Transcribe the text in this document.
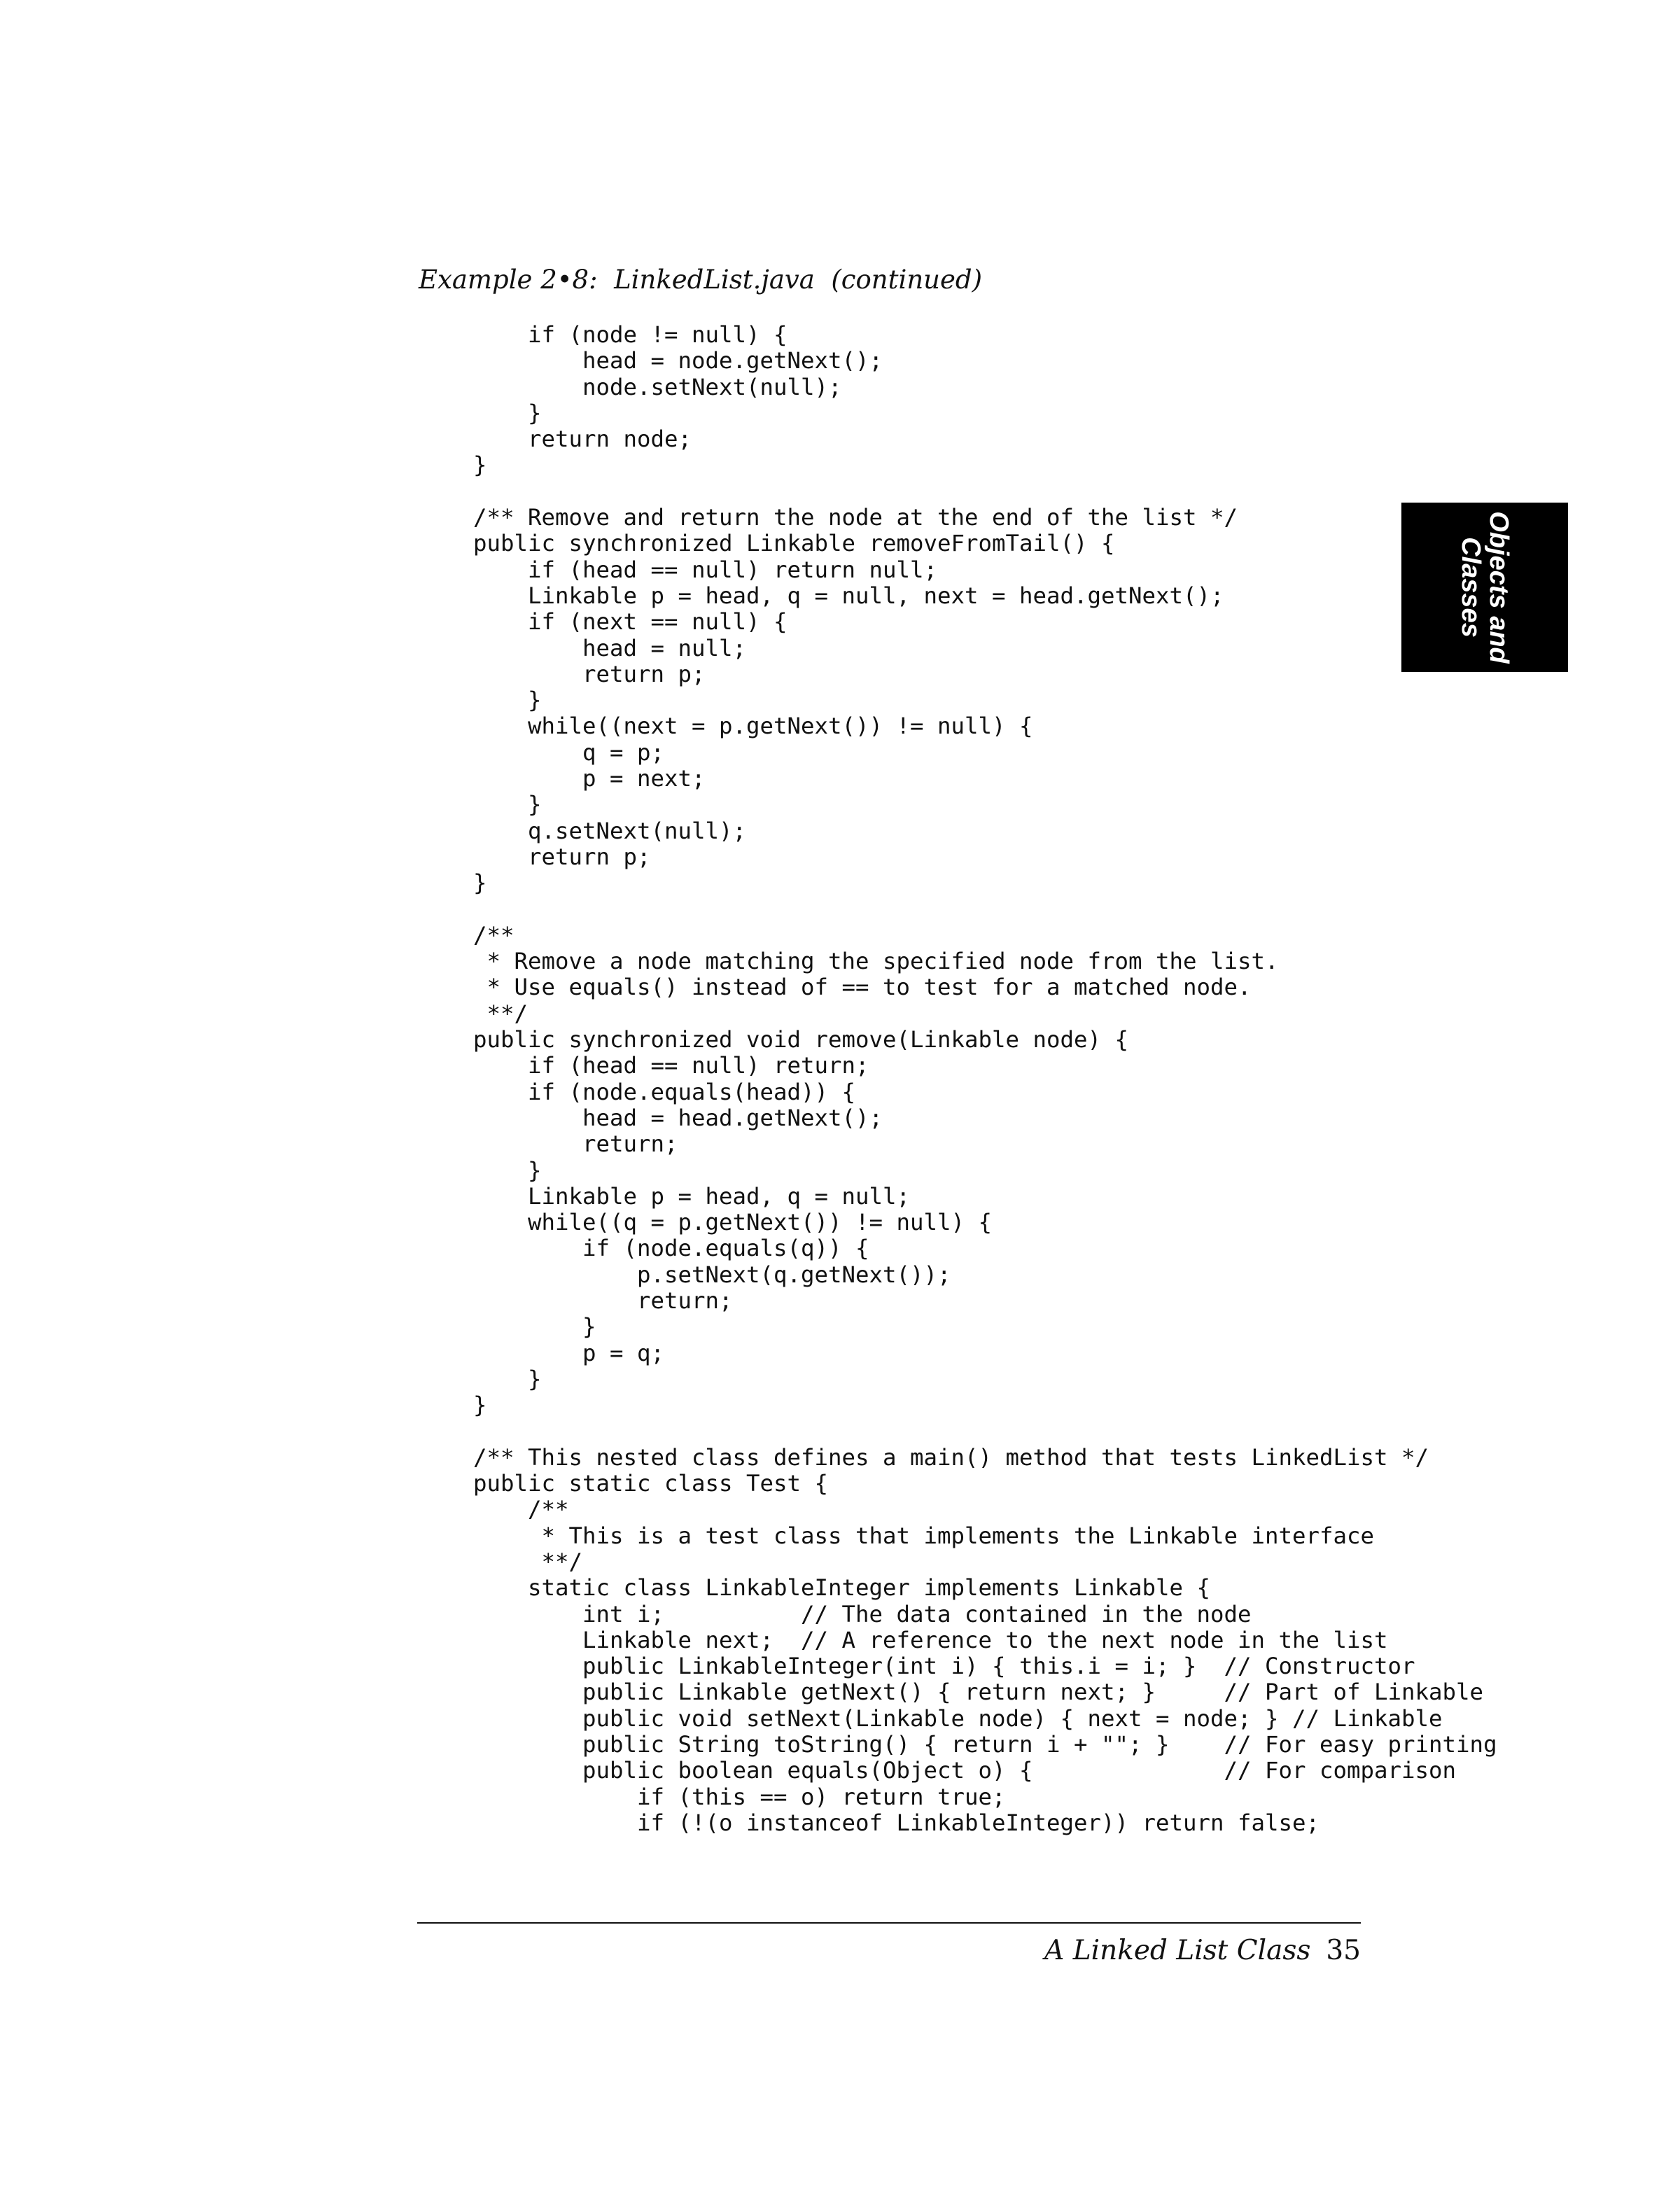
Example 2•8:  LinkedList.java  (continued)

if (node != null) {
head = node.getNext();
node.setNext(null);
}
return node;
}

/** Remove and return the node at the end of the list */
public synchronized Linkable removeFromTail() {
if (head == null) return null;
Linkable p = head, q = null, next = head.getNext();
if (next == null) {
head = null;
return p;
}
while((next = p.getNext()) != null) {
q = p;
p = next;
}
q.setNext(null);
return p;
}

/**
* Remove a node matching the specified node from the list.
* Use equals() instead of == to test for a matched node.
**/
public synchronized void remove(Linkable node) {
if (head == null) return;
if (node.equals(head)) {
head = head.getNext();
return;
}
Linkable p = head, q = null;
while((q = p.getNext()) != null) {
if (node.equals(q)) {
p.setNext(q.getNext());
return;
}
p = q;
}
}

/** This nested class defines a main() method that tests LinkedList */
public static class Test {
/**
* This is a test class that implements the Linkable interface
**/
static class LinkableInteger implements Linkable {
int i;          // The data contained in the node
Linkable next;  // A reference to the next node in the list
public LinkableInteger(int i) { this.i = i; }  // Constructor
public Linkable getNext() { return next; }     // Part of Linkable
public void setNext(Linkable node) { next = node; } // Linkable
public String toString() { return i + ""; }    // For easy printing
public boolean equals(Object o) {              // For comparison
if (this == o) return true;
if (!(o instanceof LinkableInteger)) return false;
Objects and
Classes
A Linked List Class 35
